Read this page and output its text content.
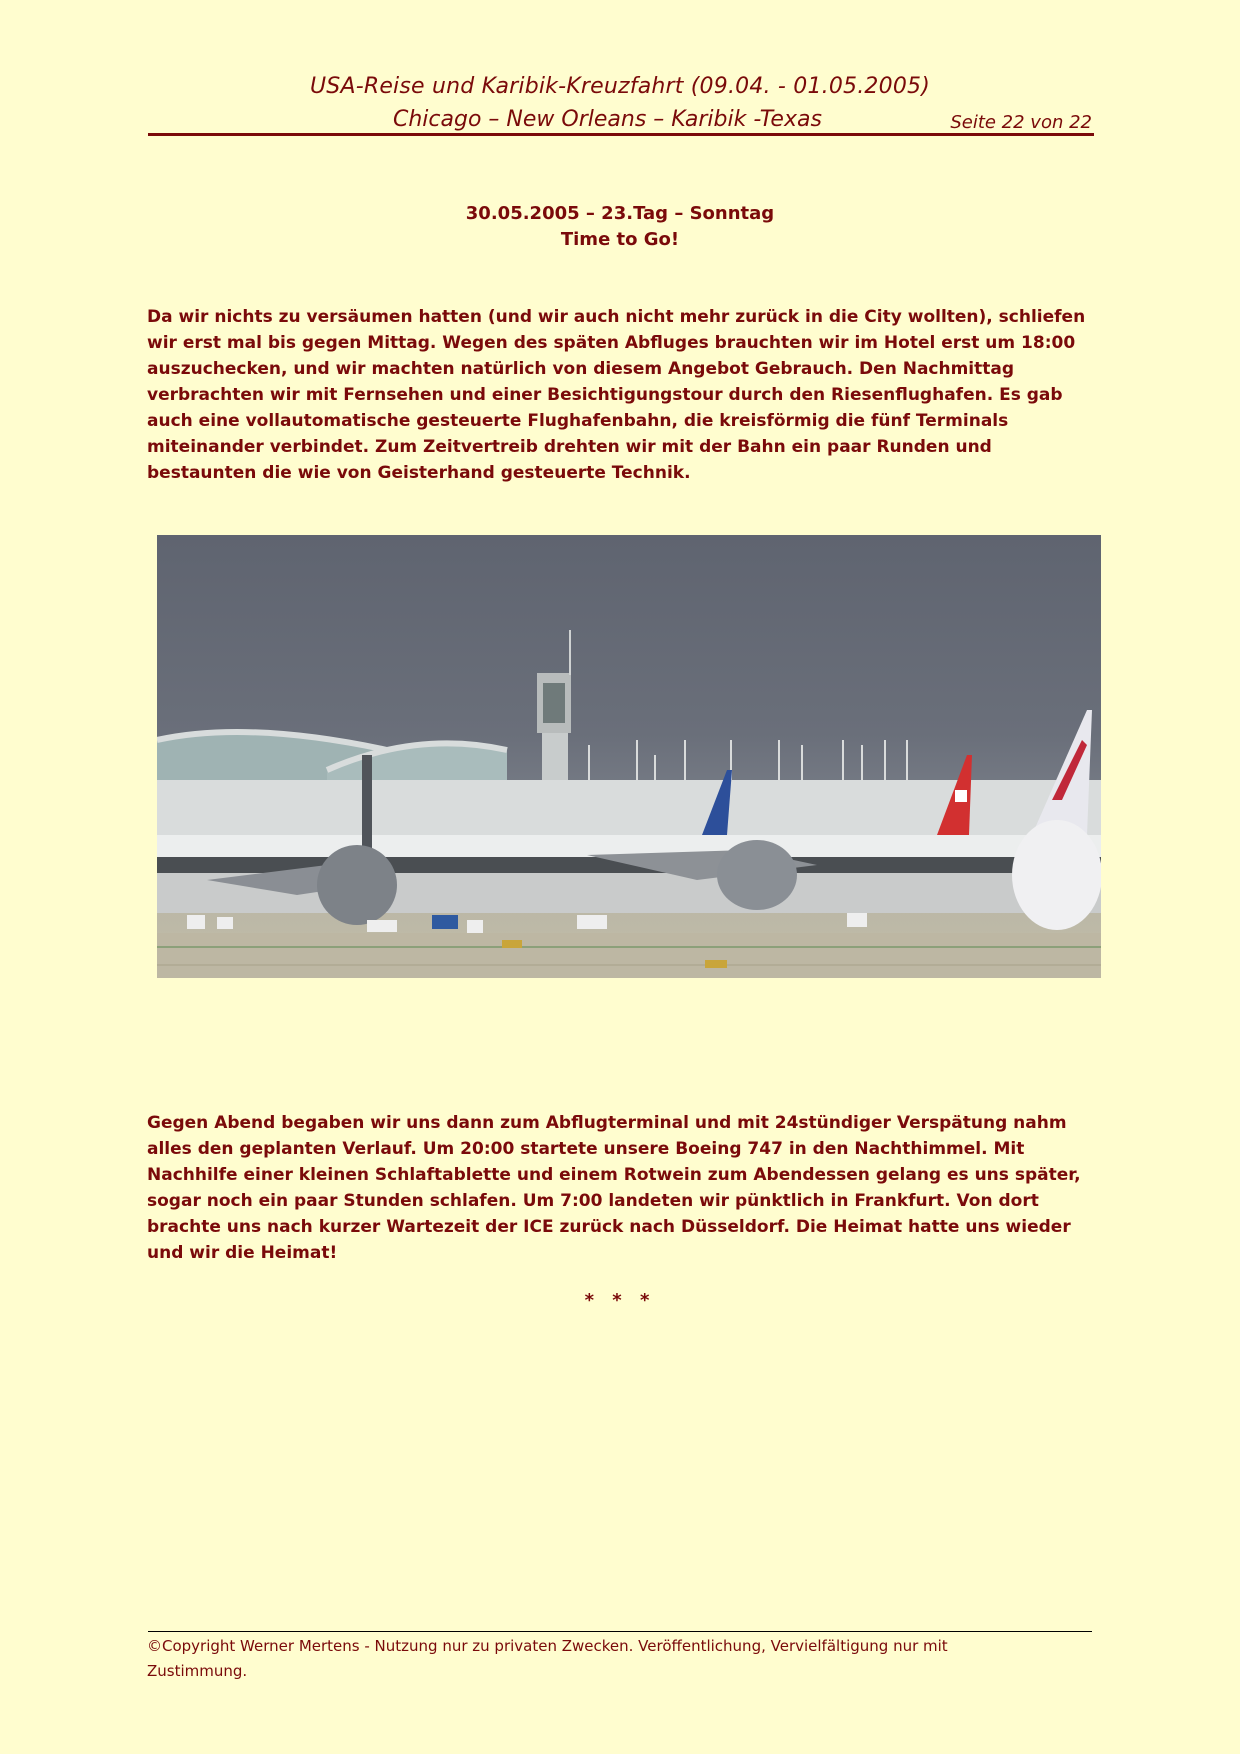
USA-Reise und Karibik-Kreuzfahrt (09.04. - 01.05.2005)
Chicago – New Orleans – Karibik -Texas	Seite 22 von 22
30.05.2005 – 23.Tag – Sonntag
Time to Go!

Da wir nichts zu versäumen hatten (und wir auch nicht mehr zurück in die City wollten), schliefen wir erst mal bis gegen Mittag. Wegen des späten Abfluges brauchten wir im Hotel erst um 18:00 auszuchecken, und wir machten natürlich von diesem Angebot Gebrauch. Den Nachmittag verbrachten wir mit Fernsehen und einer Besichtigungstour durch den Riesenflughafen. Es gab auch eine vollautomatische gesteuerte Flughafenbahn, die kreisförmig die fünf Terminals miteinander verbindet. Zum Zeitvertreib drehten wir mit der Bahn ein paar Runden und bestaunten die wie von Geisterhand gesteuerte Technik.

Gegen Abend begaben wir uns dann zum Abflugterminal und mit 24stündiger Verspätung nahm alles den geplanten Verlauf. Um 20:00 startete unsere Boeing 747 in den Nachthimmel. Mit Nachhilfe einer kleinen Schlaftablette und einem Rotwein zum Abendessen gelang es uns später, sogar noch ein paar Stunden schlafen. Um 7:00 landeten wir pünktlich in Frankfurt. Von dort brachte uns nach kurzer Wartezeit der ICE zurück nach Düsseldorf. Die Heimat hatte uns wieder und wir die Heimat!

* * *
©Copyright Werner Mertens - Nutzung nur zu privaten Zwecken. Veröffentlichung, Vervielfältigung nur mit Zustimmung.
